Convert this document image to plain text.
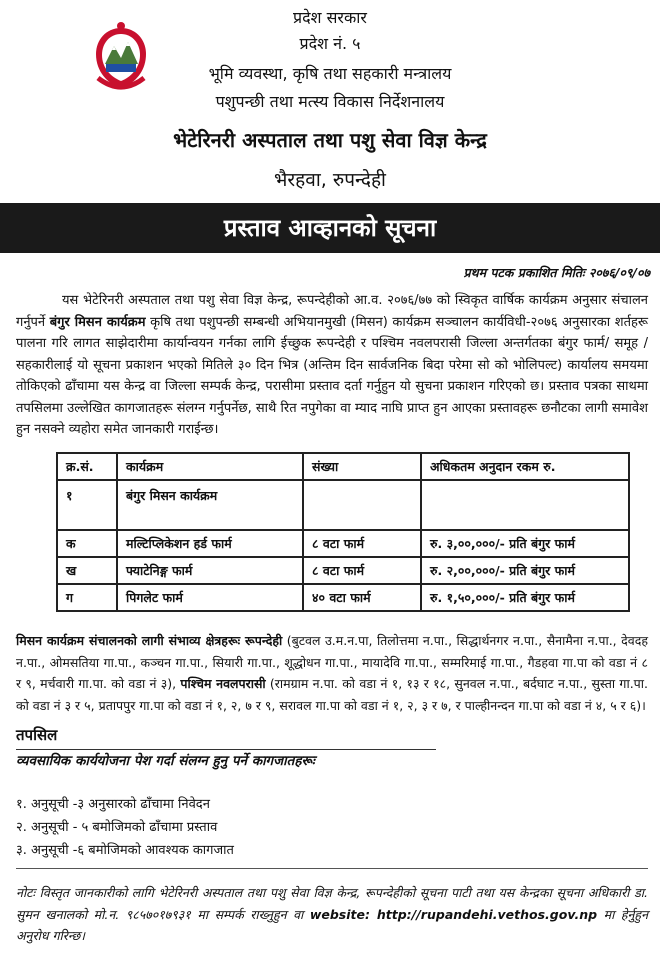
प्रदेश सरकार
प्रदेश नं. ५
भूमि व्यवस्था, कृषि तथा सहकारी मन्त्रालय
पशुपन्छी तथा मत्स्य विकास निर्देशनालय
भेटेरिनरी अस्पताल तथा पशु सेवा विज्ञ केन्द्र
भैरहवा, रुपन्देही
प्रस्ताव आव्हानको सूचना
प्रथम पटक प्रकाशित मितिः २०७६/०९/०७

यस भेटेरिनरी अस्पताल तथा पशु सेवा विज्ञ केन्द्र, रूपन्देहीको आ.व. २०७६/७७ को स्विकृत वार्षिक कार्यक्रम अनुसार संचालन गर्नुपर्ने बंगुर मिसन कार्यक्रम कृषि तथा पशुपन्छी सम्बन्धी अभियानमुखी (मिसन) कार्यक्रम सञ्चालन कार्यविधी-२०७६ अनुसारका शर्तहरू पालना गरि लागत साझेदारीमा कार्यान्वयन गर्नका लागि ईच्छुक रूपन्देही र पश्चिम नवलपरासी जिल्ला अन्तर्गतका बंगुर फार्म/ समूह / सहकारीलाई यो सूचना प्रकाशन भएको मितिले ३० दिन भित्र (अन्तिम दिन सार्वजनिक बिदा परेमा सो को भोलिपल्ट) कार्यालय समयमा तोकिएको ढाँचामा यस केन्द्र वा जिल्ला सम्पर्क केन्द्र, परासीमा प्रस्ताव दर्ता गर्नुहुन यो सुचना प्रकाशन गरिएको छ। प्रस्ताव पत्रका साथमा तपसिलमा उल्लेखित कागजातहरू संलग्न गर्नुपर्नेछ, साथै रित नपुगेका वा म्याद नाघि प्राप्त हुन आएका प्रस्तावहरू छनौटका लागी समावेश हुन नसक्ने व्यहोरा समेत जानकारी गराईन्छ।

क्र.सं.	कार्यक्रम	संख्या	अधिकतम अनुदान रकम रु.
१	बंगुर मिसन कार्यक्रम		
क	मल्टिप्लिकेशन हर्ड फार्म	८ वटा फार्म	रु. ३,००,०००/- प्रति बंगुर फार्म
ख	फ्याटेनिङ्ग फार्म	८ वटा फार्म	रु. २,००,०००/- प्रति बंगुर फार्म
ग	पिगलेट फार्म	४० वटा फार्म	रु. १,५०,०००/- प्रति बंगुर फार्म
मिसन कार्यक्रम संचालनको लागी संभाव्य क्षेत्रहरूः रूपन्देही (बुटवल उ.म.न.पा, तिलोत्तमा न.पा., सिद्धार्थनगर न.पा., सैनामैना न.पा., देवदह न.पा., ओमसतिया गा.पा., कञ्चन गा.पा., सियारी गा.पा., शूद्धोधन गा.पा., मायादेवि गा.पा., सम्मरिमाई गा.पा., गैडहवा गा.पा को वडा नं ८ र ९, मर्चवारी गा.पा. को वडा नं ३), पश्चिम नवलपरासी (रामग्राम न.पा. को वडा नं १, १३ र १८, सुनवल न.पा., बर्दघाट न.पा., सुस्ता गा.पा. को वडा नं ३ र ५, प्रतापपुर गा.पा को वडा नं १, २, ७ र ९, सरावल गा.पा को वडा नं १, २, ३ र ७, र पाल्हीनन्दन गा.पा को वडा नं ४, ५ र ६)।
तपसिल
व्यवसायिक कार्ययोजना पेश गर्दा संलग्न हुनु पर्ने कागजातहरूः
१. अनुसूची -३ अनुसारको ढाँचामा निवेदन
२. अनुसूची - ५ बमोजिमको ढाँचामा प्रस्ताव
३. अनुसूची -६ बमोजिमको आवश्यक कागजात
नोटः विस्तृत जानकारीको लागि भेटेरिनरी अस्पताल तथा पशु सेवा विज्ञ केन्द्र, रूपन्देहीको सूचना पाटी तथा यस केन्द्रका सूचना अधिकारी डा. सुमन खनालको मो.न. ९८५७०१७९३१ मा सम्पर्क राख्नुहुन वा website: http://rupandehi.vethos.gov.np मा हेर्नुहुन अनुरोध गरिन्छ।
